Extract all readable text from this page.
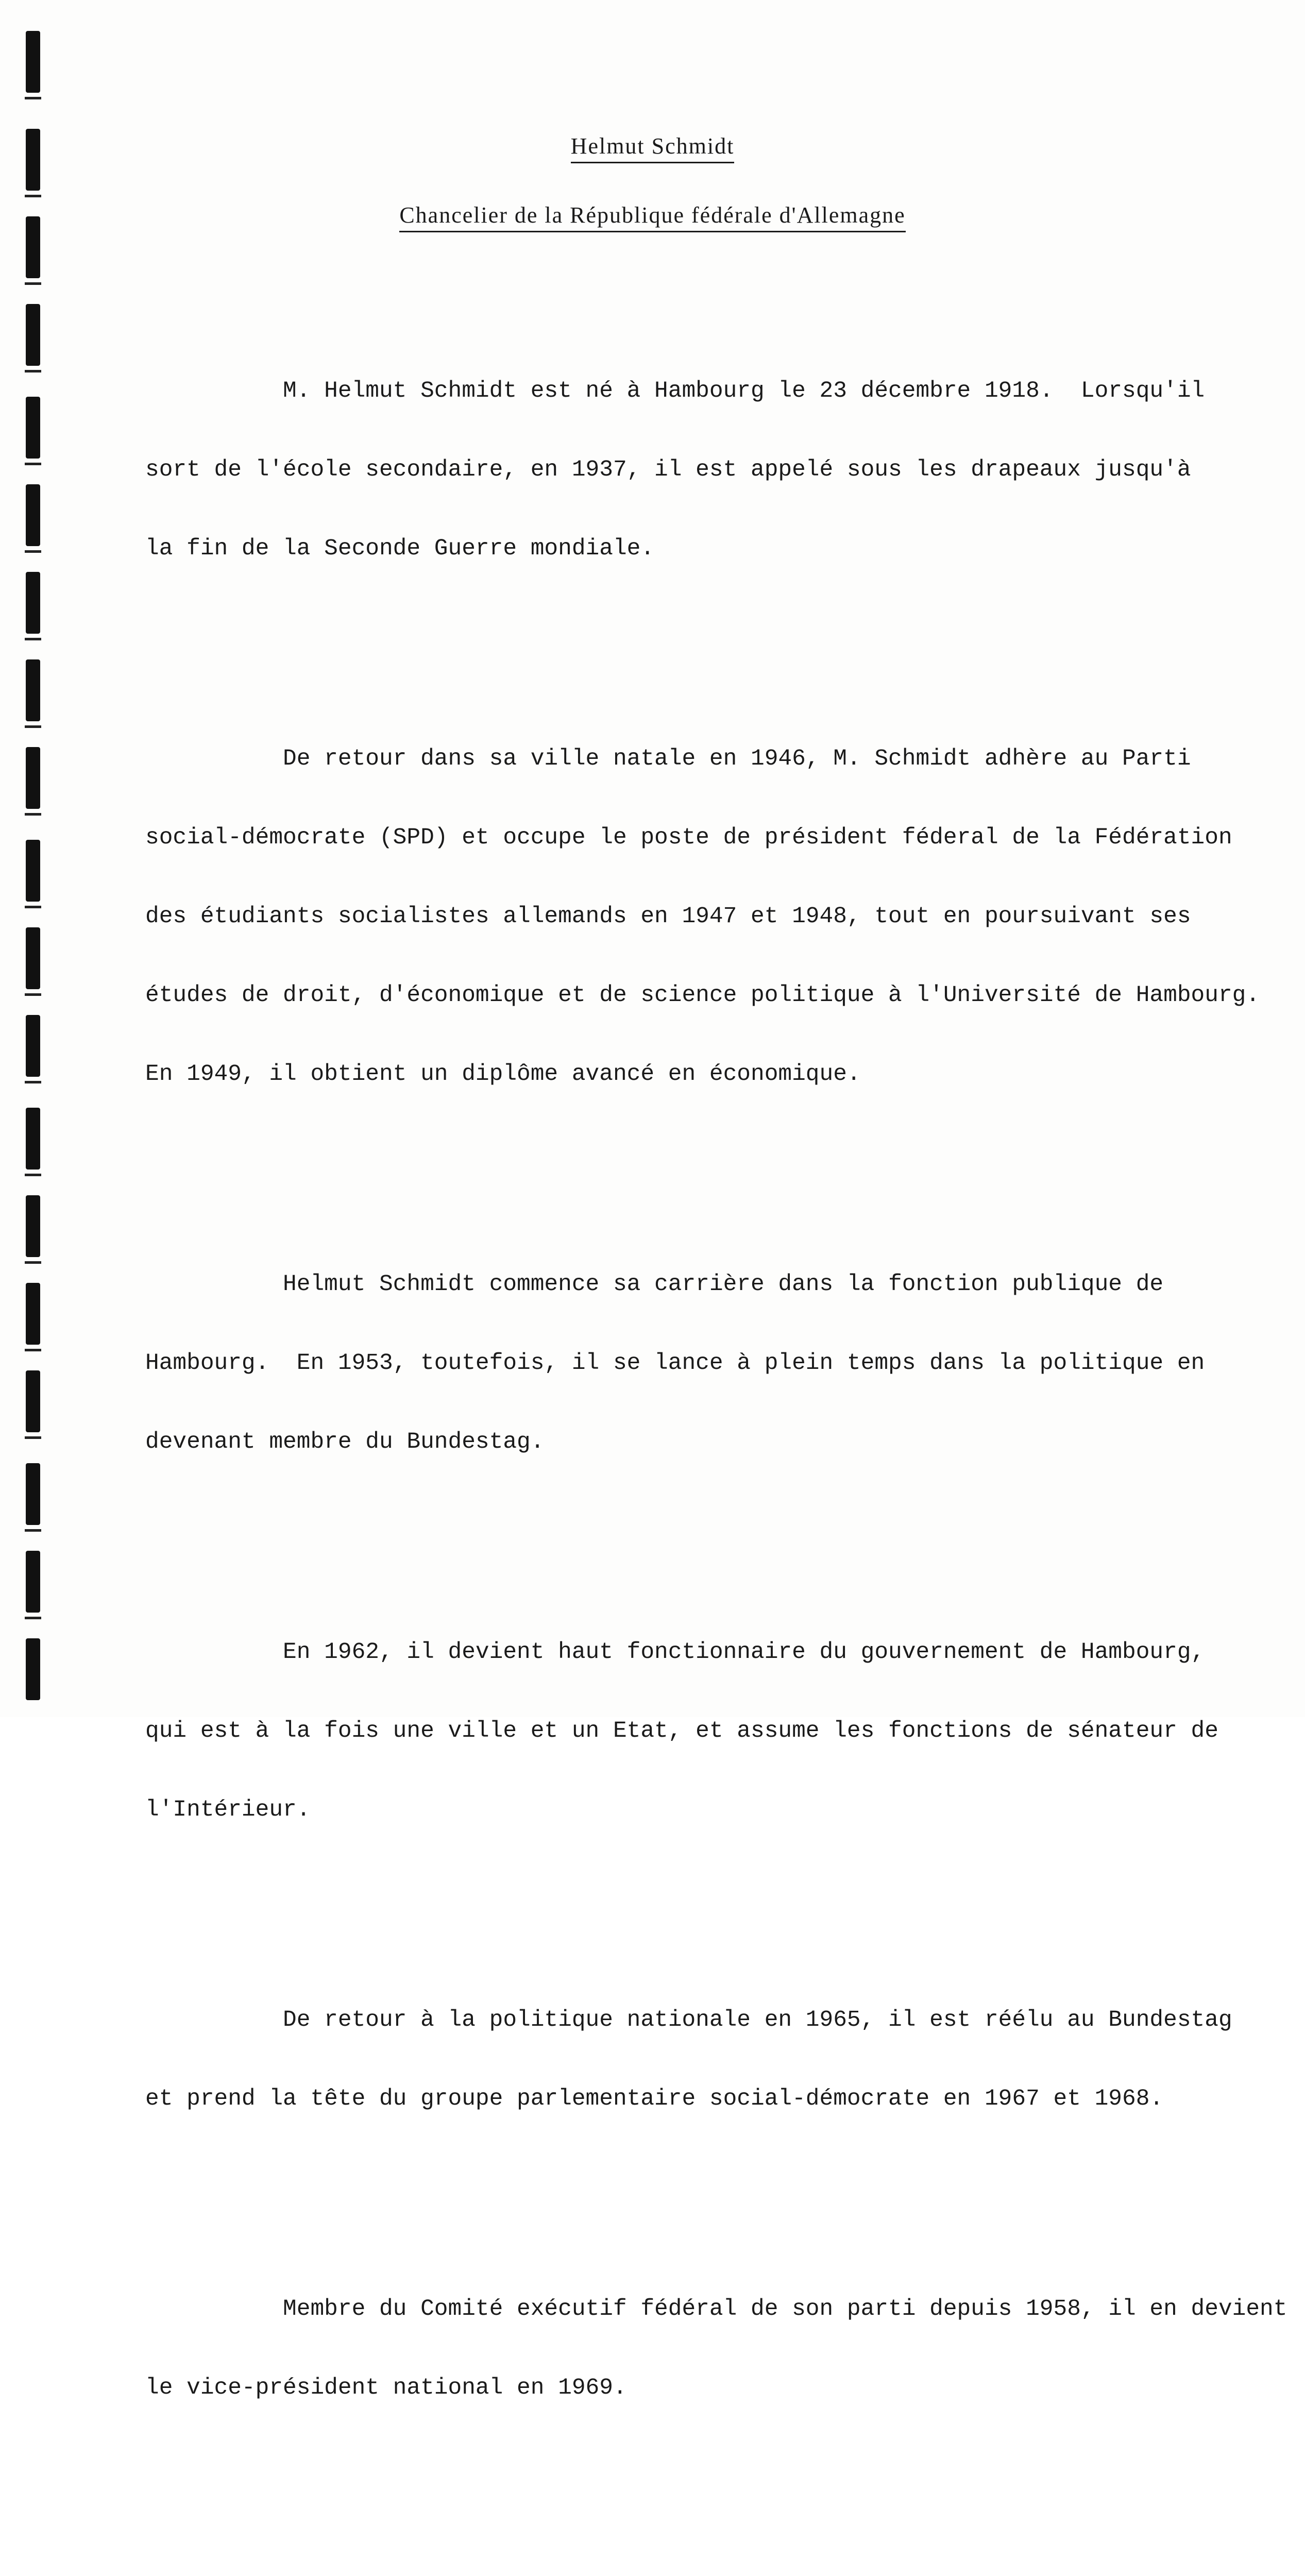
Helmut Schmidt
Chancelier de la République fédérale d'Allemagne

M. Helmut Schmidt est né à Hambourg le 23 décembre 1918.  Lorsqu'il

sort de l'école secondaire, en 1937, il est appelé sous les drapeaux jusqu'à

la fin de la Seconde Guerre mondiale.

De retour dans sa ville natale en 1946, M. Schmidt adhère au Parti

social-démocrate (SPD) et occupe le poste de président féderal de la Fédération

des étudiants socialistes allemands en 1947 et 1948, tout en poursuivant ses

études de droit, d'économique et de science politique à l'Université de Hambourg.

En 1949, il obtient un diplôme avancé en économique.

Helmut Schmidt commence sa carrière dans la fonction publique de

Hambourg.  En 1953, toutefois, il se lance à plein temps dans la politique en

devenant membre du Bundestag.

En 1962, il devient haut fonctionnaire du gouvernement de Hambourg,

qui est à la fois une ville et un Etat, et assume les fonctions de sénateur de

l'Intérieur.

De retour à la politique nationale en 1965, il est réélu au Bundestag

et prend la tête du groupe parlementaire social-démocrate en 1967 et 1968.

Membre du Comité exécutif fédéral de son parti depuis 1958, il en devient

le vice-président national en 1969.
